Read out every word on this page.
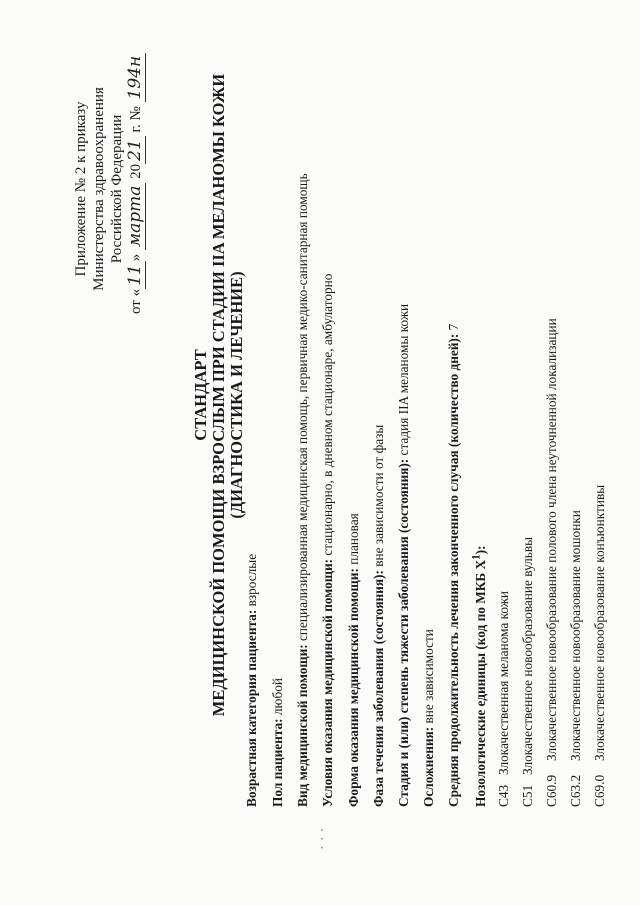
Приложение № 2 к приказу Министерства здравоохранения Российской Федерации
от «11» марта 2021 г. № 194н
СТАНДАРТ МЕДИЦИНСКОЙ ПОМОЩИ ВЗРОСЛЫМ ПРИ СТАДИИ IIA МЕЛАНОМЫ КОЖИ (ДИАГНОСТИКА И ЛЕЧЕНИЕ)
Возрастная категория пациента: взрослые
Пол пациента: любой Вид медицинской помощи: специализированная медицинская помощь, первичная медико-санитарная помощь
Условия оказания медицинской помощи: стационарно, в дневном стационаре, амбулаторно
Форма оказания медицинской помощи: плановая
Фаза течения заболевания (состояния): вне зависимости от фазы Стадия и (или) степень тяжести заболевания (состояния): стадия IIA меланомы кожи
Осложнения: вне зависимости Средняя продолжительность лечения законченного случая (количество дней): 7
Нозологические единицы (код по МКБ $X^1$):
C43Злокачественная меланома кожи
C51Злокачественное новообразование вульвы
C60.9Злокачественное новообразование полового члена неуточненной локализации
C63.2Злокачественное новообразование мошонки
C69.0Злокачественное новообразование конъюнктивы
• • •
